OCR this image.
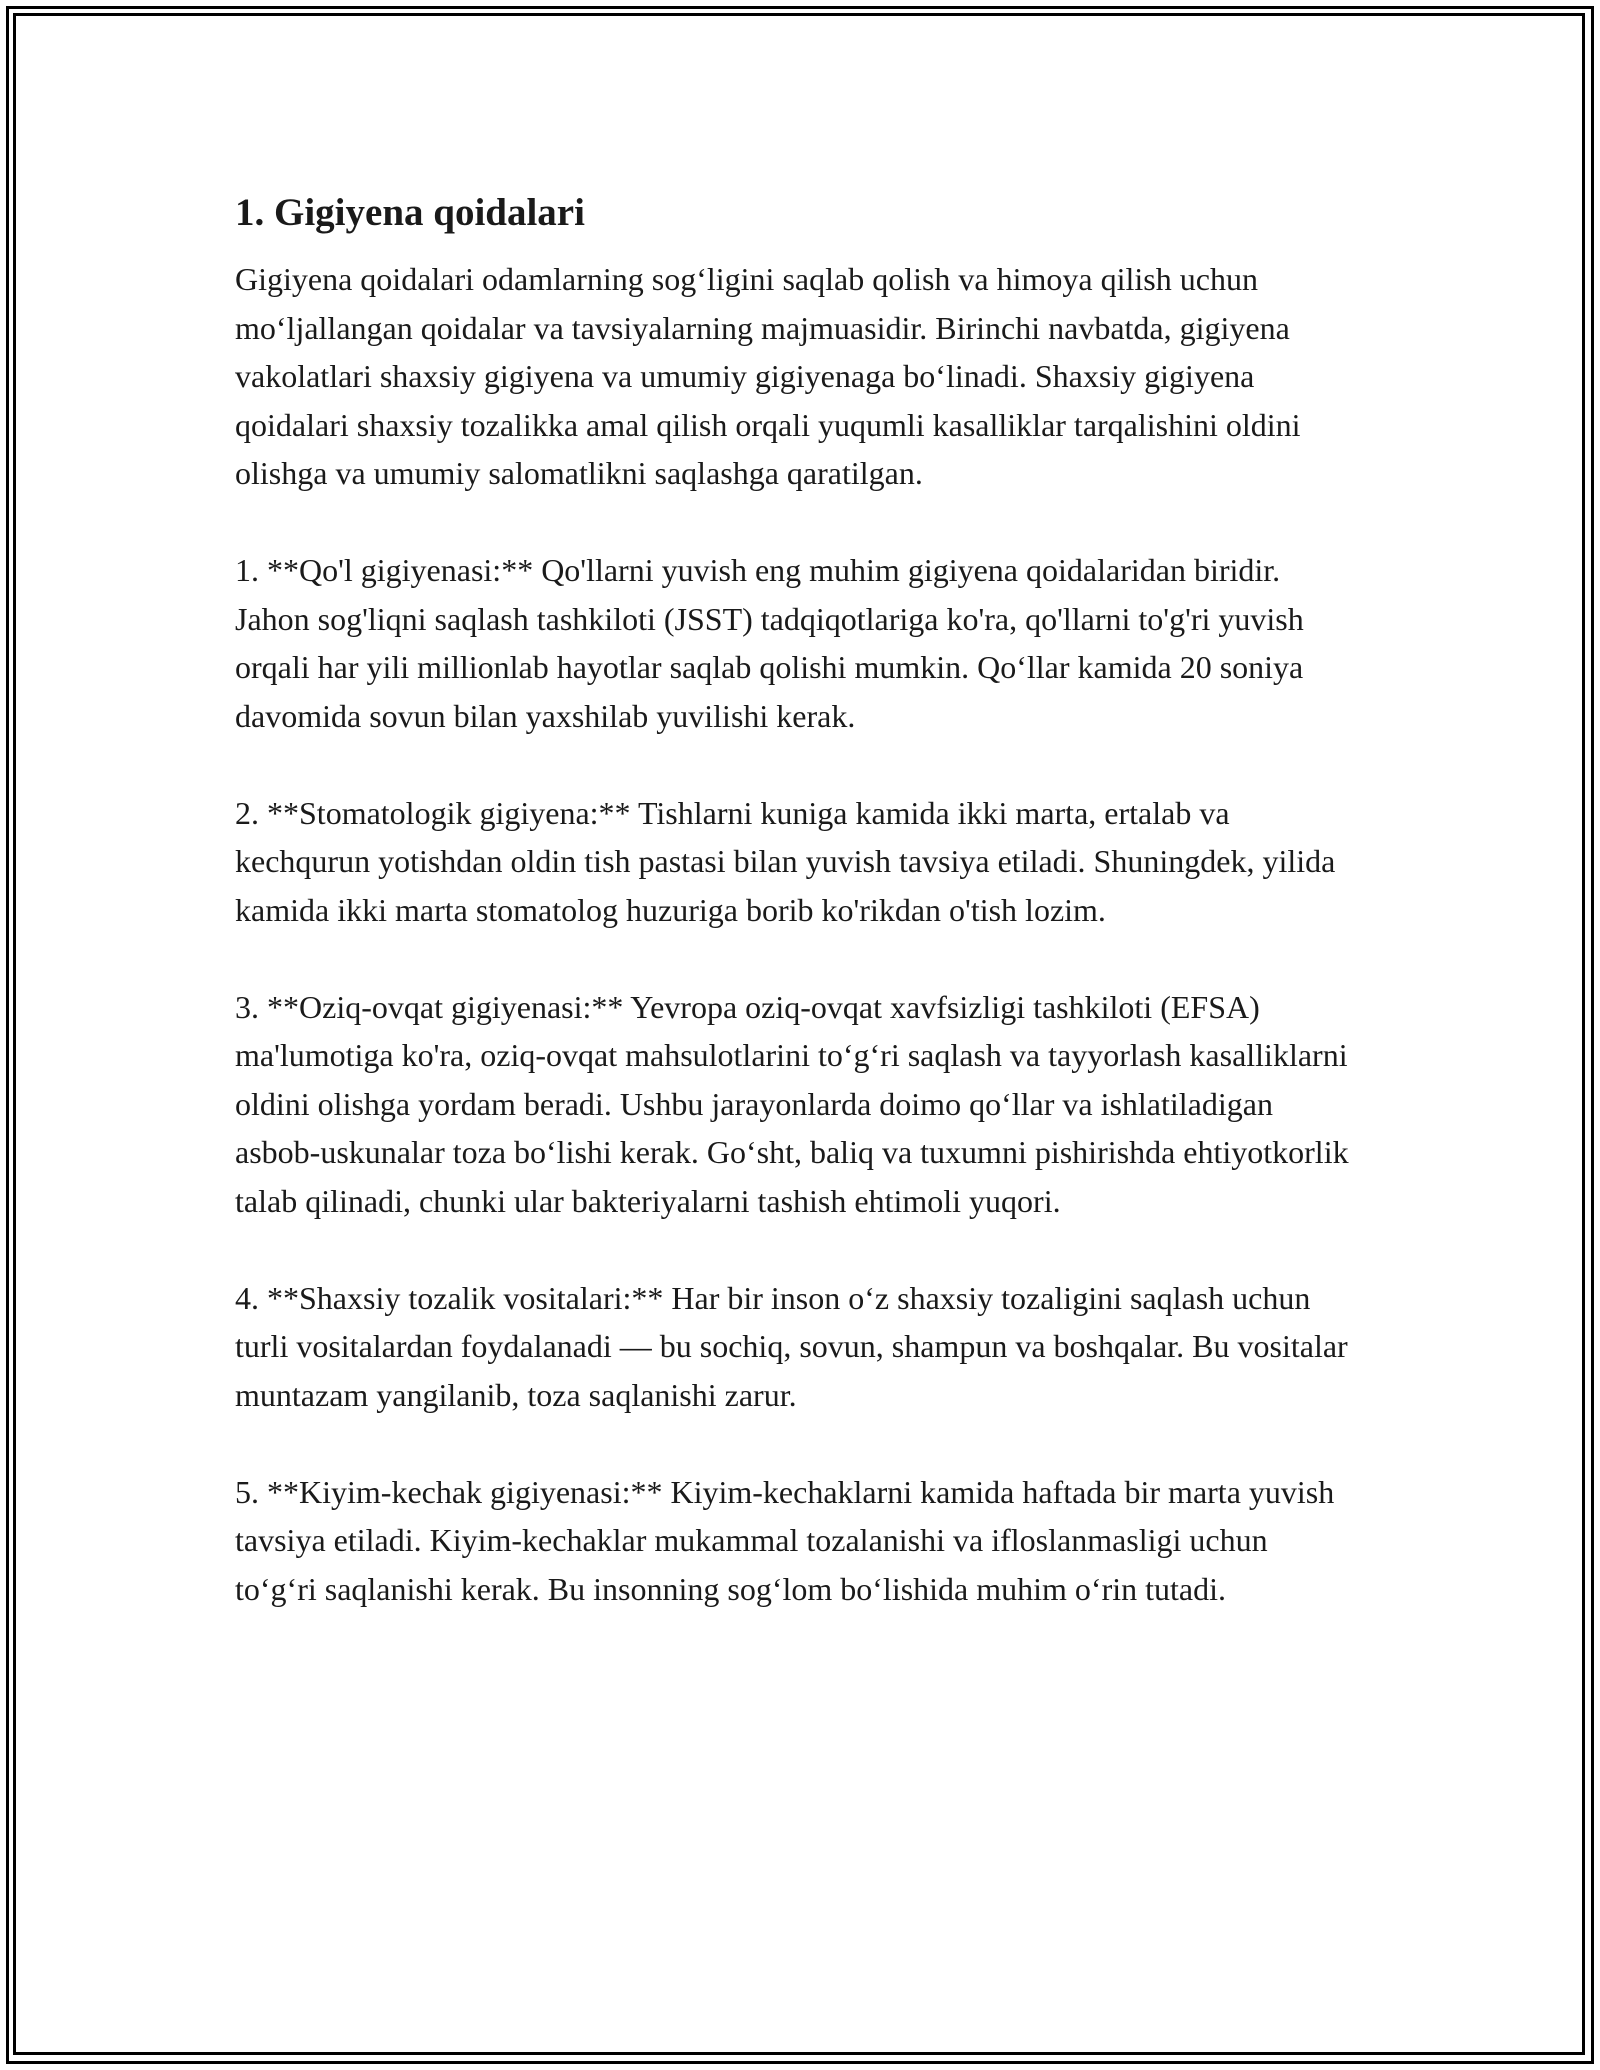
1. Gigiyena qoidalari

Gigiyena qoidalari odamlarning sog‘ligini saqlab qolish va himoya qilish uchun mo‘ljallangan qoidalar va tavsiyalarning majmuasidir. Birinchi navbatda, gigiyena vakolatlari shaxsiy gigiyena va umumiy gigiyenaga bo‘linadi. Shaxsiy gigiyena qoidalari shaxsiy tozalikka amal qilish orqali yuqumli kasalliklar tarqalishini oldini olishga va umumiy salomatlikni saqlashga qaratilgan.

1. **Qo'l gigiyenasi:** Qo'llarni yuvish eng muhim gigiyena qoidalaridan biridir. Jahon sog'liqni saqlash tashkiloti (JSST) tadqiqotlariga ko'ra, qo'llarni to'g'ri yuvish orqali har yili millionlab hayotlar saqlab qolishi mumkin. Qo‘llar kamida 20 soniya davomida sovun bilan yaxshilab yuvilishi kerak.

2. **Stomatologik gigiyena:** Tishlarni kuniga kamida ikki marta, ertalab va kechqurun yotishdan oldin tish pastasi bilan yuvish tavsiya etiladi. Shuningdek, yilida kamida ikki marta stomatolog huzuriga borib ko'rikdan o'tish lozim.

3. **Oziq-ovqat gigiyenasi:** Yevropa oziq-ovqat xavfsizligi tashkiloti (EFSA) ma'lumotiga ko'ra, oziq-ovqat mahsulotlarini to‘g‘ri saqlash va tayyorlash kasalliklarni oldini olishga yordam beradi. Ushbu jarayonlarda doimo qo‘llar va ishlatiladigan asbob-uskunalar toza bo‘lishi kerak. Go‘sht, baliq va tuxumni pishirishda ehtiyotkorlik talab qilinadi, chunki ular bakteriyalarni tashish ehtimoli yuqori.

4. **Shaxsiy tozalik vositalari:** Har bir inson o‘z shaxsiy tozaligini saqlash uchun turli vositalardan foydalanadi — bu sochiq, sovun, shampun va boshqalar. Bu vositalar muntazam yangilanib, toza saqlanishi zarur.

5. **Kiyim-kechak gigiyenasi:** Kiyim-kechaklarni kamida haftada bir marta yuvish tavsiya etiladi. Kiyim-kechaklar mukammal tozalanishi va ifloslanmasligi uchun to‘g‘ri saqlanishi kerak. Bu insonning sog‘lom bo‘lishida muhim o‘rin tutadi.
